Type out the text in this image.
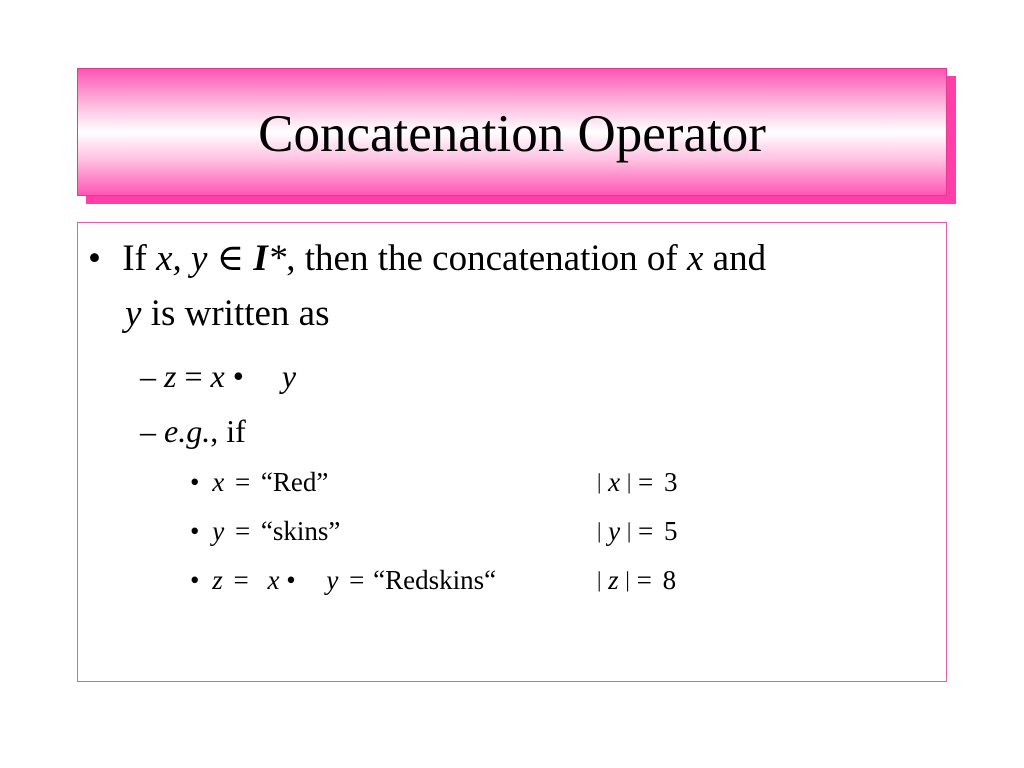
Concatenation Operator
• If x, y ∈ I*, then the concatenation of x and
y is written as
– z = x • y
– e.g., if
• x = “Red”	| x | = 3
• y = “skins”	| y | = 5
• z = x • y = “Redskins“	| z | = 8
